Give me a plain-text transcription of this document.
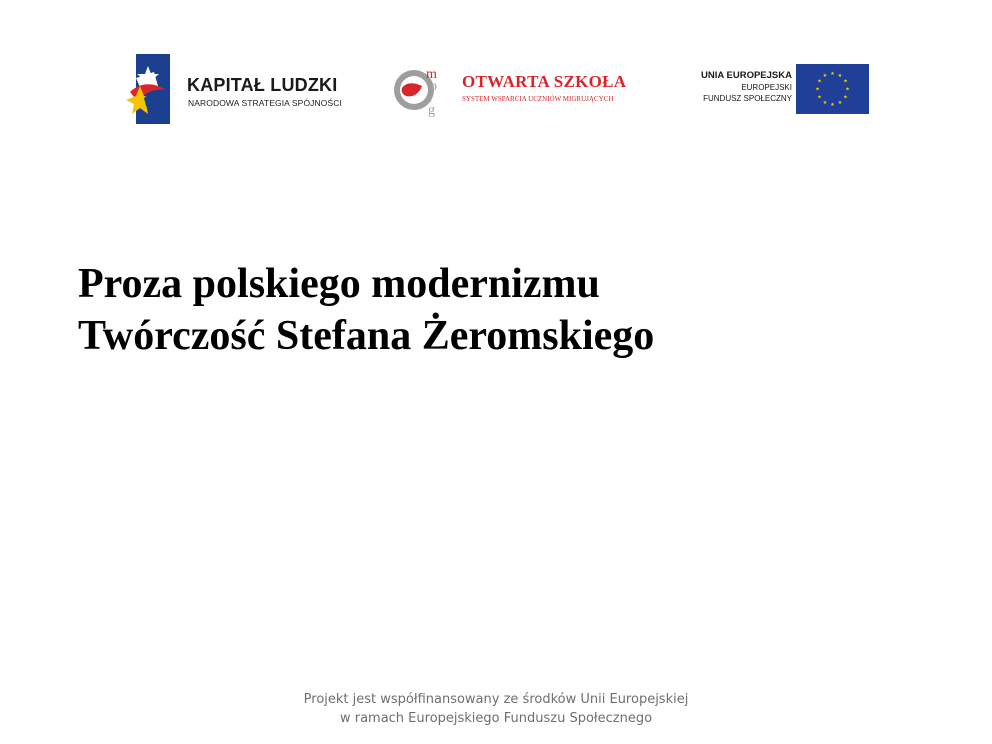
KAPITAŁ LUDZKI
NARODOWA STRATEGIA SPÓJNOŚCI
m
p
e
g
OTWARTA SZKOŁA
SYSTEM WSPARCIA UCZNIÓW MIGRUJĄCYCH
UNIA EUROPEJSKA
EUROPEJSKI
FUNDUSZ SPOŁECZNY
★ ★
★
★
★
★
★
★
★
★
★
★
Proza polskiego modernizmu
Twórczość Stefana Żeromskiego
Projekt jest współfinansowany ze środków Unii Europejskiej
w ramach Europejskiego Funduszu Społecznego
